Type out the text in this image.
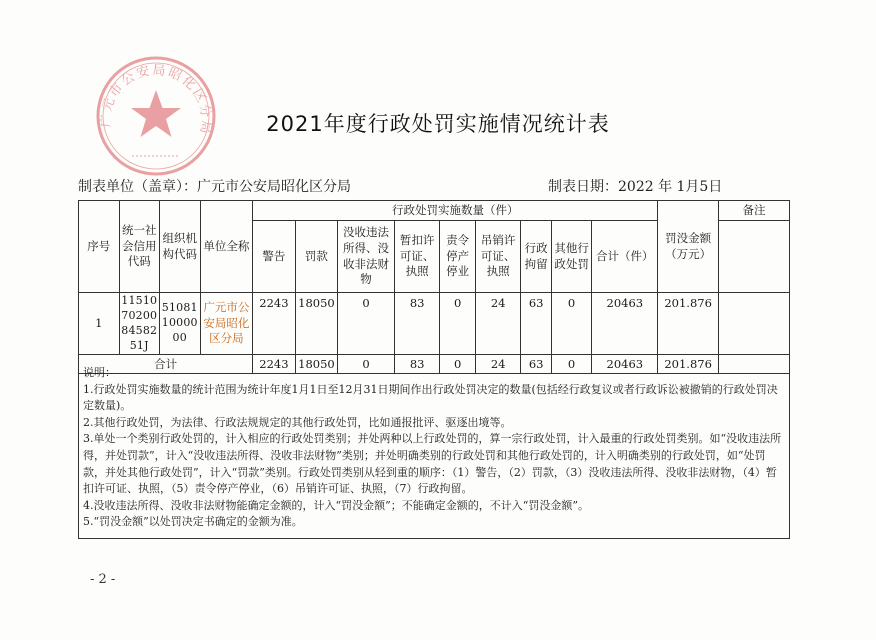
广元市公安局昭化区分局	2021年度行政处罚实施情况统计表
制表单位（盖章）：广元市公安局昭化区分局	制表日期：2022 年 1月5日
序号	统一社会信用代码	组织机构代码	单位全称	行政处罚实施数量（件）									罚没金额（万元）	备注
				警告	罚款	没收违法所得、没收非法财物	暂扣许可证、执照	责令停产停业	吊销许可证、执照	行政拘留	其他行政处罚	合计（件）		
1	11510702008458251J	510811000000	广元市公安局昭化区分局	2243	18050	0	83	0	24	63	0	20463	201.876	
合计				2243	18050	0	83	0	24	63	0	20463	201.876	

说明：

1.行政处罚实施数量的统计范围为统计年度1月1日至12月31日期间作出行政处罚决定的数量(包括经行政复议或者行政诉讼被撤销的行政处罚决定数量)。

2.其他行政处罚，为法律、行政法规规定的其他行政处罚，比如通报批评、驱逐出境等。

3.单处一个类别行政处罚的，计入相应的行政处罚类别；并处两种以上行政处罚的，算一宗行政处罚，计入最重的行政处罚类别。如“没收违法所得，并处罚款”，计入“没收违法所得、没收非法财物”类别；并处明确类别的行政处罚和其他行政处罚的，计入明确类别的行政处罚，如“处罚款，并处其他行政处罚”，计入“罚款”类别。行政处罚类别从轻到重的顺序：（1）警告，（2）罚款，（3）没收违法所得、没收非法财物，（4）暂扣许可证、执照，（5）责令停产停业，（6）吊销许可证、执照，（7）行政拘留。

4.没收违法所得、没收非法财物能确定金额的，计入“罚没金额”；不能确定金额的，不计入“罚没金额”。

5.“罚没金额”以处罚决定书确定的金额为准。

- 2 -
